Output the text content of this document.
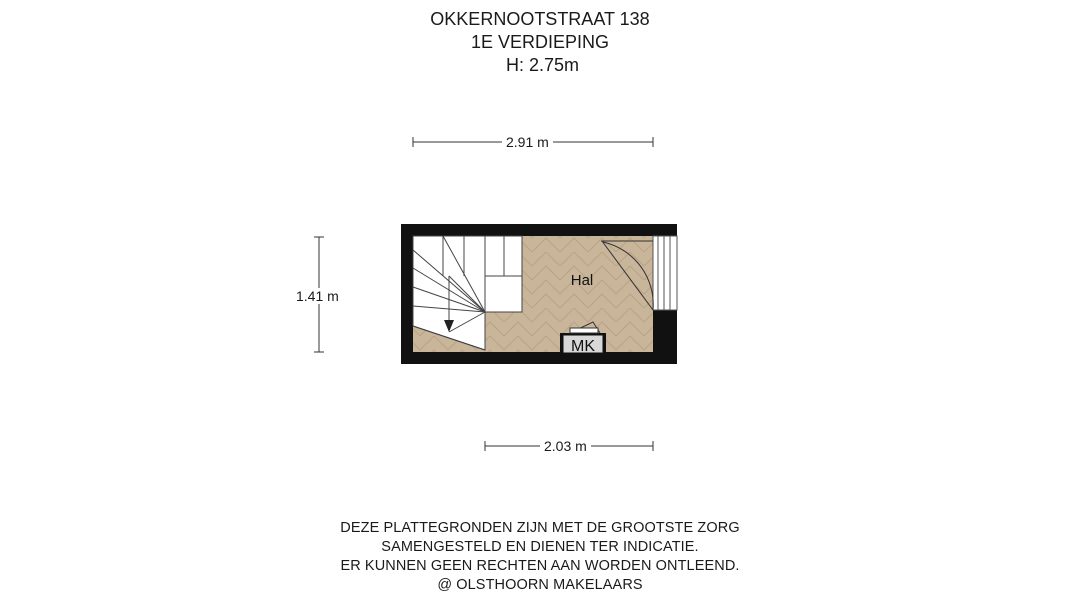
OKKERNOOTSTRAAT 138
1E VERDIEPING
H: 2.75m
MK
Hal
2.91 m
1.41 m
2.03 m
DEZE PLATTEGRONDEN ZIJN MET DE GROOTSTE ZORG
SAMENGESTELD EN DIENEN TER INDICATIE.
ER KUNNEN GEEN RECHTEN AAN WORDEN ONTLEEND.
@ OLSTHOORN MAKELAARS
